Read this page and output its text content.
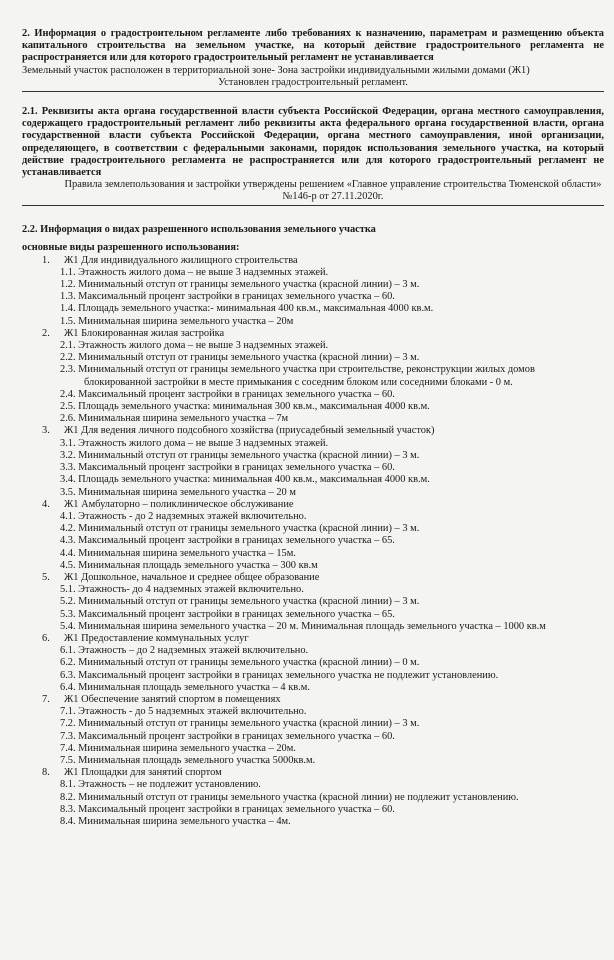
2. Информация о градостроительном регламенте либо требованиях к назначению, параметрам и размещению объекта капитального строительства на земельном участке, на который действие градостроительного регламента не распространяется или для которого градостроительный регламент не устанавливается
Земельный участок расположен в территориальной зоне- Зона застройки индивидуальными жилыми домами (Ж1)
Установлен градостроительный регламент.
2.1. Реквизиты акта органа государственной власти субъекта Российской Федерации, органа местного самоуправления, содержащего градостроительный регламент либо реквизиты акта федерального органа государственной власти, органа государственной власти субъекта Российской Федерации, органа местного самоуправления, иной организации, определяющего, в соответствии с федеральными законами, порядок использования земельного участка, на который действие градостроительного регламента не распространяется или для которого градостроительный регламент не устанавливается
Правила землепользования и застройки утверждены решением «Главное управление строительства Тюменской области» №146-р от 27.11.2020г.
2.2. Информация о видах разрешенного использования земельного участка
основные виды разрешенного использования:
1. Ж1 Для индивидуального жилищного строительства
1.1. Этажность жилого дома – не выше 3 надземных этажей.
1.2. Минимальный отступ от границы земельного участка (красной линии) – 3 м.
1.3. Максимальный процент застройки в границах земельного участка – 60.
1.4. Площадь земельного участка:- минимальная 400 кв.м., максимальная 4000 кв.м.
1.5. Минимальная ширина земельного участка – 20м
2. Ж1 Блокированная жилая застройка
2.1. Этажность жилого дома – не выше 3 надземных этажей.
2.2. Минимальный отступ от границы земельного участка (красной линии) – 3 м.
2.3. Минимальный отступ от границы земельного участка при строительстве, реконструкции жилых домов блокированной застройки в месте примыкания с соседним блоком или соседними блоками - 0 м.
2.4. Максимальный процент застройки в границах земельного участка – 60.
2.5. Площадь земельного участка: минимальная 300 кв.м., максимальная 4000 кв.м.
2.6. Минимальная ширина земельного участка – 7м
3. Ж1 Для ведения личного подсобного хозяйства (приусадебный земельный участок)
3.1. Этажность жилого дома – не выше 3 надземных этажей.
3.2. Минимальный отступ от границы земельного участка (красной линии) – 3 м.
3.3. Максимальный процент застройки в границах земельного участка – 60.
3.4. Площадь земельного участка: минимальная 400 кв.м., максимальная 4000 кв.м.
3.5. Минимальная ширина земельного участка – 20 м
4. Ж1 Амбулаторно – поликлиническое обслуживание
4.1. Этажность - до 2 надземных этажей включительно.
4.2. Минимальный отступ от границы земельного участка (красной линии) – 3 м.
4.3. Максимальный процент застройки в границах земельного участка – 65.
4.4. Минимальная ширина земельного участка – 15м.
4.5. Минимальная площадь земельного участка – 300 кв.м
5. Ж1 Дошкольное, начальное и среднее общее образование
5.1. Этажность- до 4 надземных этажей включительно.
5.2. Минимальный отступ от границы земельного участка (красной линии) – 3 м.
5.3. Максимальный процент застройки в границах земельного участка – 65.
5.4. Минимальная ширина земельного участка – 20 м. Минимальная площадь земельного участка – 1000 кв.м
6. Ж1 Предоставление коммунальных услуг
6.1. Этажность – до 2 надземных этажей включительно.
6.2. Минимальный отступ от границы земельного участка (красной линии) – 0 м.
6.3. Максимальный процент застройки в границах земельного участка не подлежит установлению.
6.4. Минимальная площадь земельного участка – 4 кв.м.
7. Ж1 Обеспечение занятий спортом в помещениях
7.1. Этажность - до 5 надземных этажей включительно.
7.2. Минимальный отступ от границы земельного участка (красной линии) – 3 м.
7.3. Максимальный процент застройки в границах земельного участка – 60.
7.4. Минимальная ширина земельного участка – 20м.
7.5. Минимальная площадь земельного участка 5000кв.м.
8. Ж1 Площадки для занятий спортом
8.1. Этажность – не подлежит установлению.
8.2. Минимальный отступ от границы земельного участка (красной линии) не подлежит установлению.
8.3. Максимальный процент застройки в границах земельного участка – 60.
8.4. Минимальная ширина земельного участка – 4м.
